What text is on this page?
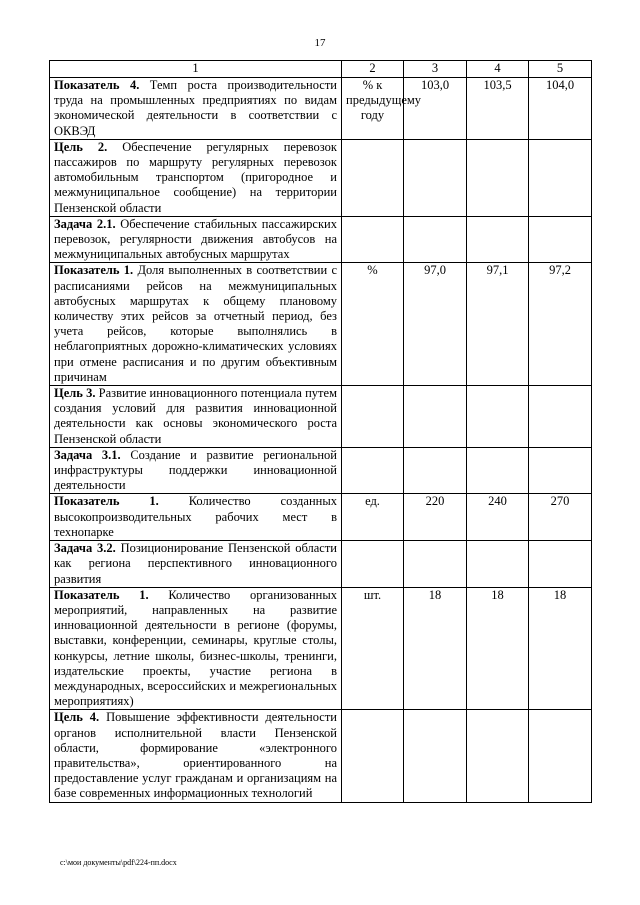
17
1	2	3	4	5
Показатель 4. Темп роста производительности труда на промышленных предприятиях по видам экономической деятельности в соответствии с ОКВЭД	% к предыдущему году	103,0	103,5	104,0
Цель 2. Обеспечение регулярных перевозок пассажиров по маршруту регулярных перевозок автомобильным транспортом (пригородное и межмуниципальное сообщение) на территории Пензенской области				
Задача 2.1. Обеспечение стабильных пассажирских перевозок, регулярности движения автобусов на межмуниципальных автобусных маршрутах				
Показатель 1. Доля выполненных в соответствии с расписаниями рейсов на межмуниципальных автобусных маршрутах к общему плановому количеству этих рейсов за отчетный период, без учета рейсов, которые выполнялись в неблагоприятных дорожно-климатических условиях при отмене расписания и по другим объективным причинам	%	97,0	97,1	97,2
Цель 3. Развитие инновационного потенциала путем создания условий для развития инновационной деятельности как основы экономического роста Пензенской области				
Задача 3.1. Создание и развитие региональной инфраструктуры поддержки инновационной деятельности				
Показатель 1. Количество созданных высокопроизводительных рабочих мест в технопарке	ед.	220	240	270
Задача 3.2. Позиционирование Пензенской области как региона перспективного инновационного развития				
Показатель 1. Количество организованных мероприятий, направленных на развитие инновационной деятельности в регионе (форумы, выставки, конференции, семинары, круглые столы, конкурсы, летние школы, бизнес-школы, тренинги, издательские проекты, участие региона в международных, всероссийских и межрегиональных мероприятиях)	шт.	18	18	18
Цель 4. Повышение эффективности деятельности органов исполнительной власти Пензенской области, формирование «электронного правительства», ориентированного на предоставление услуг гражданам и организациям на базе современных информационных технологий				
c:\мои документы\pdf\224-пп.docx
